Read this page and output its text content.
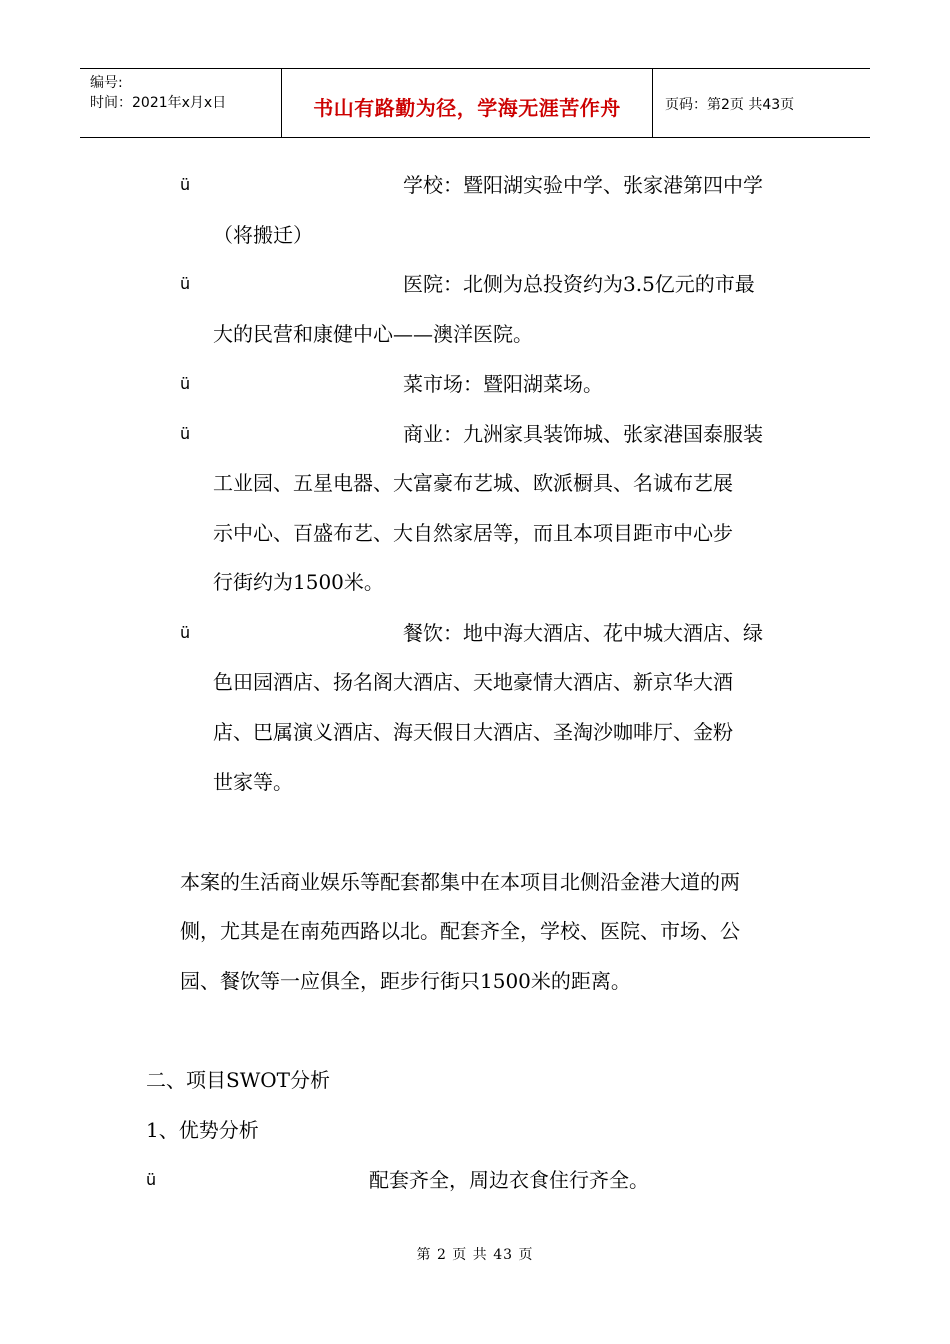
编号:
时间：2021年x月x日	书山有路勤为径，学海无涯苦作舟	页码：第2页 共43页
ü	学校：暨阳湖实验中学、张家港第四中学
（将搬迁）
ü	医院：北侧为总投资约为3.5亿元的市最
大的民营和康健中心——澳洋医院。
ü	菜市场：暨阳湖菜场。
ü	商业：九洲家具装饰城、张家港国泰服装
工业园、五星电器、大富豪布艺城、欧派橱具、名诚布艺展
示中心、百盛布艺、大自然家居等，而且本项目距市中心步
行街约为1500米。
ü	餐饮：地中海大酒店、花中城大酒店、绿
色田园酒店、扬名阁大酒店、天地豪情大酒店、新京华大酒
店、巴属演义酒店、海天假日大酒店、圣淘沙咖啡厅、金粉
世家等。
本案的生活商业娱乐等配套都集中在本项目北侧沿金港大道的两
侧，尤其是在南苑西路以北。配套齐全，学校、医院、市场、公
园、餐饮等一应俱全，距步行街只1500米的距离。
二、项目SWOT分析
1、优势分析
ü	配套齐全，周边衣食住行齐全。
第 2 页 共 43 页
